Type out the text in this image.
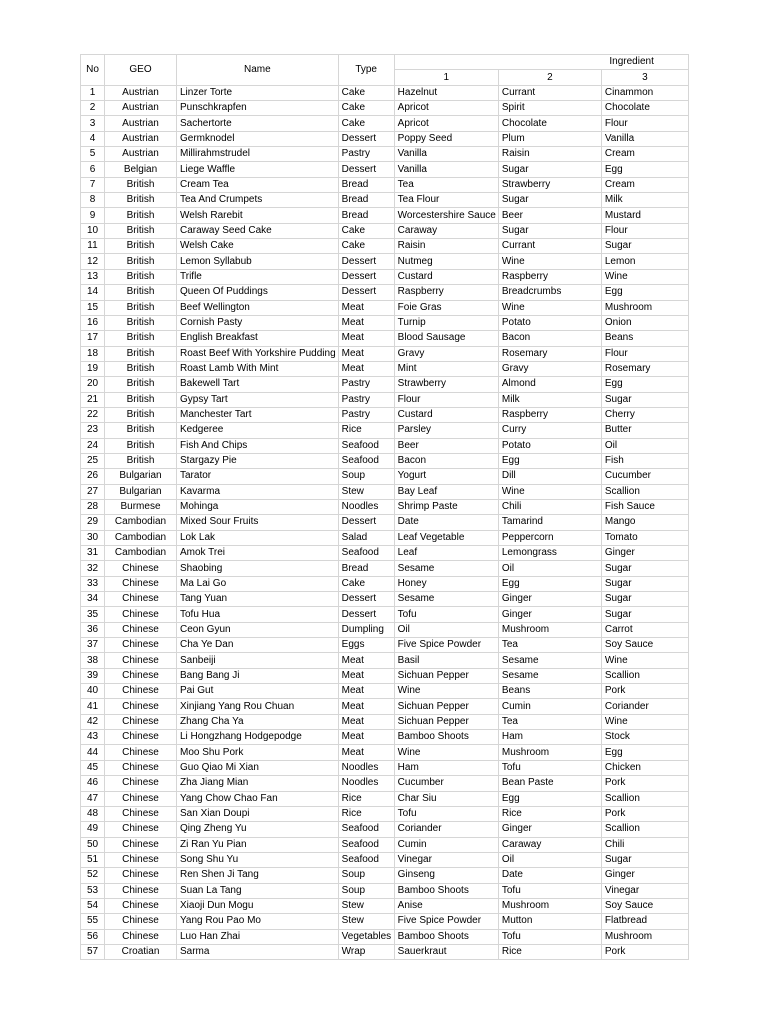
No	GEO	Name	Type	Ingredient		
				1	2	3
1	Austrian	Linzer Torte	Cake	Hazelnut	Currant	Cinammon
2	Austrian	Punschkrapfen	Cake	Apricot	Spirit	Chocolate
3	Austrian	Sachertorte	Cake	Apricot	Chocolate	Flour
4	Austrian	Germknodel	Dessert	Poppy Seed	Plum	Vanilla
5	Austrian	Millirahmstrudel	Pastry	Vanilla	Raisin	Cream
6	Belgian	Liege Waffle	Dessert	Vanilla	Sugar	Egg
7	British	Cream Tea	Bread	Tea	Strawberry	Cream
8	British	Tea And Crumpets	Bread	Tea Flour	Sugar	Milk
9	British	Welsh Rarebit	Bread	Worcestershire Sauce	Beer	Mustard
10	British	Caraway Seed Cake	Cake	Caraway	Sugar	Flour
11	British	Welsh Cake	Cake	Raisin	Currant	Sugar
12	British	Lemon Syllabub	Dessert	Nutmeg	Wine	Lemon
13	British	Trifle	Dessert	Custard	Raspberry	Wine
14	British	Queen Of Puddings	Dessert	Raspberry	Breadcrumbs	Egg
15	British	Beef Wellington	Meat	Foie Gras	Wine	Mushroom
16	British	Cornish Pasty	Meat	Turnip	Potato	Onion
17	British	English Breakfast	Meat	Blood Sausage	Bacon	Beans
18	British	Roast Beef With Yorkshire Pudding	Meat	Gravy	Rosemary	Flour
19	British	Roast Lamb With Mint	Meat	Mint	Gravy	Rosemary
20	British	Bakewell Tart	Pastry	Strawberry	Almond	Egg
21	British	Gypsy Tart	Pastry	Flour	Milk	Sugar
22	British	Manchester Tart	Pastry	Custard	Raspberry	Cherry
23	British	Kedgeree	Rice	Parsley	Curry	Butter
24	British	Fish And Chips	Seafood	Beer	Potato	Oil
25	British	Stargazy Pie	Seafood	Bacon	Egg	Fish
26	Bulgarian	Tarator	Soup	Yogurt	Dill	Cucumber
27	Bulgarian	Kavarma	Stew	Bay Leaf	Wine	Scallion
28	Burmese	Mohinga	Noodles	Shrimp Paste	Chili	Fish Sauce
29	Cambodian	Mixed Sour Fruits	Dessert	Date	Tamarind	Mango
30	Cambodian	Lok Lak	Salad	Leaf Vegetable	Peppercorn	Tomato
31	Cambodian	Amok Trei	Seafood	Leaf	Lemongrass	Ginger
32	Chinese	Shaobing	Bread	Sesame	Oil	Sugar
33	Chinese	Ma Lai Go	Cake	Honey	Egg	Sugar
34	Chinese	Tang Yuan	Dessert	Sesame	Ginger	Sugar
35	Chinese	Tofu Hua	Dessert	Tofu	Ginger	Sugar
36	Chinese	Ceon Gyun	Dumpling	Oil	Mushroom	Carrot
37	Chinese	Cha Ye Dan	Eggs	Five Spice Powder	Tea	Soy Sauce
38	Chinese	Sanbeiji	Meat	Basil	Sesame	Wine
39	Chinese	Bang Bang Ji	Meat	Sichuan Pepper	Sesame	Scallion
40	Chinese	Pai Gut	Meat	Wine	Beans	Pork
41	Chinese	Xinjiang Yang Rou Chuan	Meat	Sichuan Pepper	Cumin	Coriander
42	Chinese	Zhang Cha Ya	Meat	Sichuan Pepper	Tea	Wine
43	Chinese	Li Hongzhang Hodgepodge	Meat	Bamboo Shoots	Ham	Stock
44	Chinese	Moo Shu Pork	Meat	Wine	Mushroom	Egg
45	Chinese	Guo Qiao Mi Xian	Noodles	Ham	Tofu	Chicken
46	Chinese	Zha Jiang Mian	Noodles	Cucumber	Bean Paste	Pork
47	Chinese	Yang Chow Chao Fan	Rice	Char Siu	Egg	Scallion
48	Chinese	San Xian Doupi	Rice	Tofu	Rice	Pork
49	Chinese	Qing Zheng Yu	Seafood	Coriander	Ginger	Scallion
50	Chinese	Zi Ran Yu Pian	Seafood	Cumin	Caraway	Chili
51	Chinese	Song Shu Yu	Seafood	Vinegar	Oil	Sugar
52	Chinese	Ren Shen Ji Tang	Soup	Ginseng	Date	Ginger
53	Chinese	Suan La Tang	Soup	Bamboo Shoots	Tofu	Vinegar
54	Chinese	Xiaoji Dun Mogu	Stew	Anise	Mushroom	Soy Sauce
55	Chinese	Yang Rou Pao Mo	Stew	Five Spice Powder	Mutton	Flatbread
56	Chinese	Luo Han Zhai	Vegetables	Bamboo Shoots	Tofu	Mushroom
57	Croatian	Sarma	Wrap	Sauerkraut	Rice	Pork
